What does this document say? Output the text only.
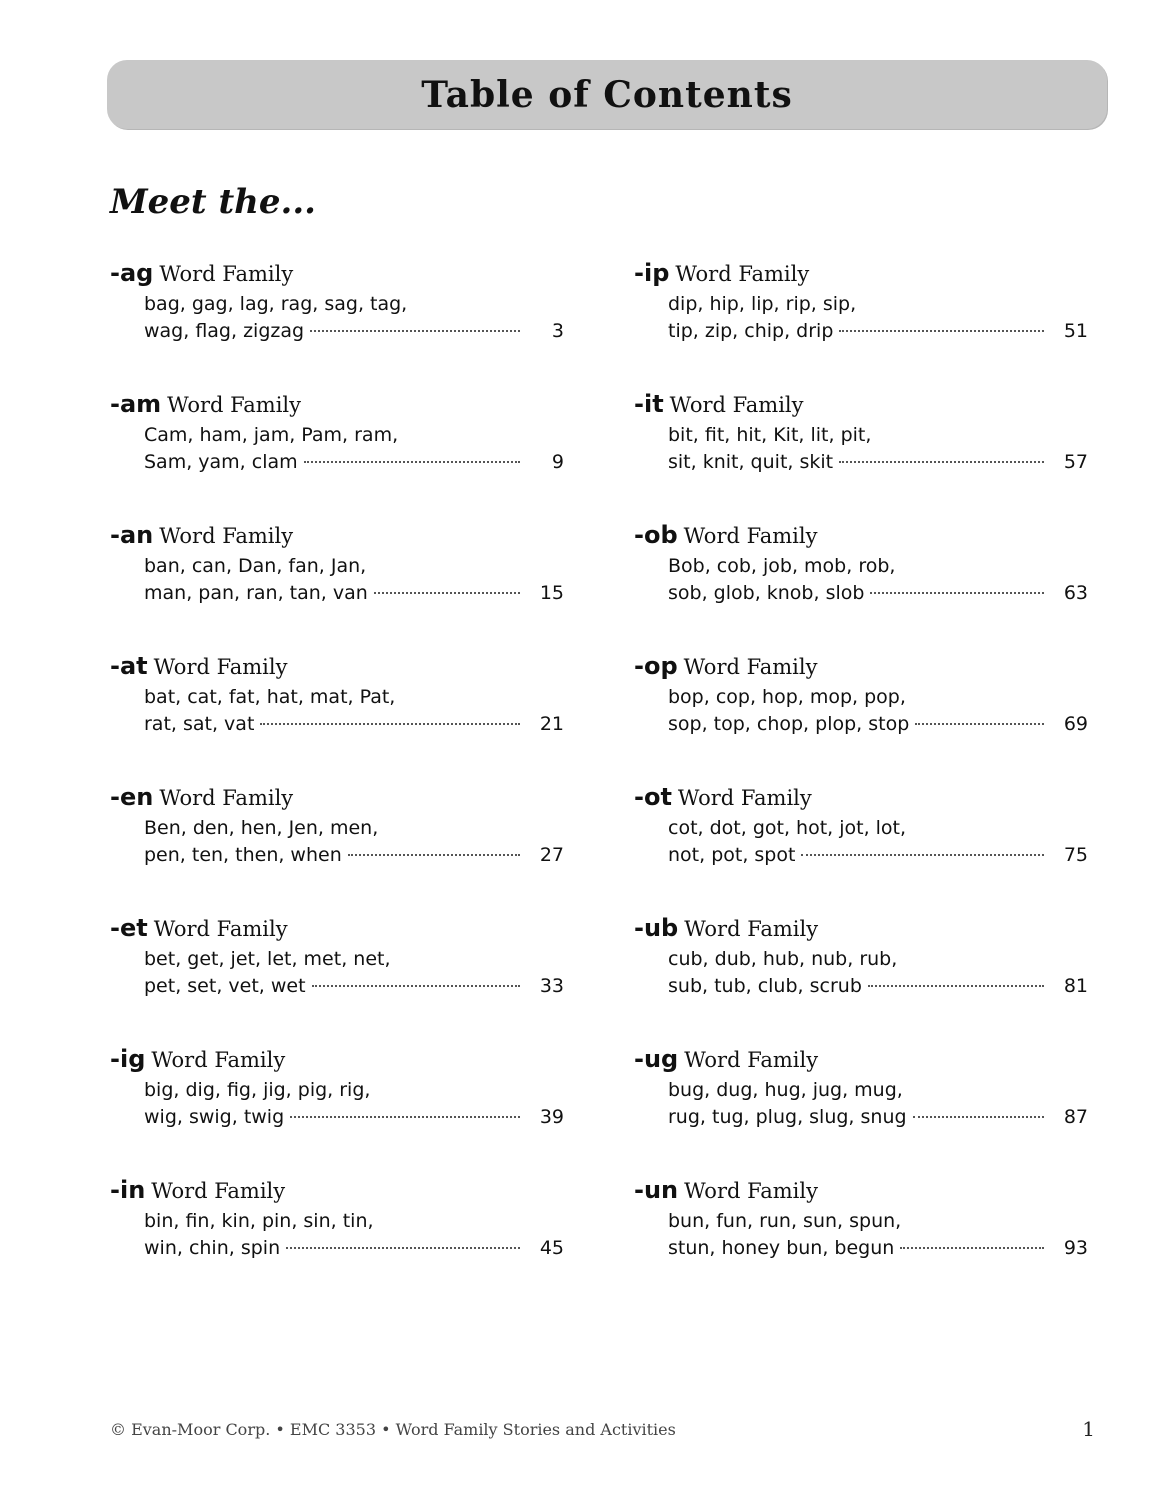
Table of Contents
Meet the...
-ag Word Family
bag, gag, lag, rag, sag, tag,
wag, flag, zigzag	3
-am Word Family
Cam, ham, jam, Pam, ram,
Sam, yam, clam	9
-an Word Family
ban, can, Dan, fan, Jan,
man, pan, ran, tan, van	15
-at Word Family
bat, cat, fat, hat, mat, Pat,
rat, sat, vat	21
-en Word Family
Ben, den, hen, Jen, men,
pen, ten, then, when	27
-et Word Family
bet, get, jet, let, met, net,
pet, set, vet, wet	33
-ig Word Family
big, dig, fig, jig, pig, rig,
wig, swig, twig	39
-in Word Family
bin, fin, kin, pin, sin, tin,
win, chin, spin	45
-ip Word Family
dip, hip, lip, rip, sip,
tip, zip, chip, drip	51
-it Word Family
bit, fit, hit, Kit, lit, pit,
sit, knit, quit, skit	57
-ob Word Family
Bob, cob, job, mob, rob,
sob, glob, knob, slob	63
-op Word Family
bop, cop, hop, mop, pop,
sop, top, chop, plop, stop	69
-ot Word Family
cot, dot, got, hot, jot, lot,
not, pot, spot	75
-ub Word Family
cub, dub, hub, nub, rub,
sub, tub, club, scrub	81
-ug Word Family
bug, dug, hug, jug, mug,
rug, tug, plug, slug, snug	87
-un Word Family
bun, fun, run, sun, spun,
stun, honey bun, begun	93
© Evan-Moor Corp. • EMC 3353 • Word Family Stories and Activities	1
